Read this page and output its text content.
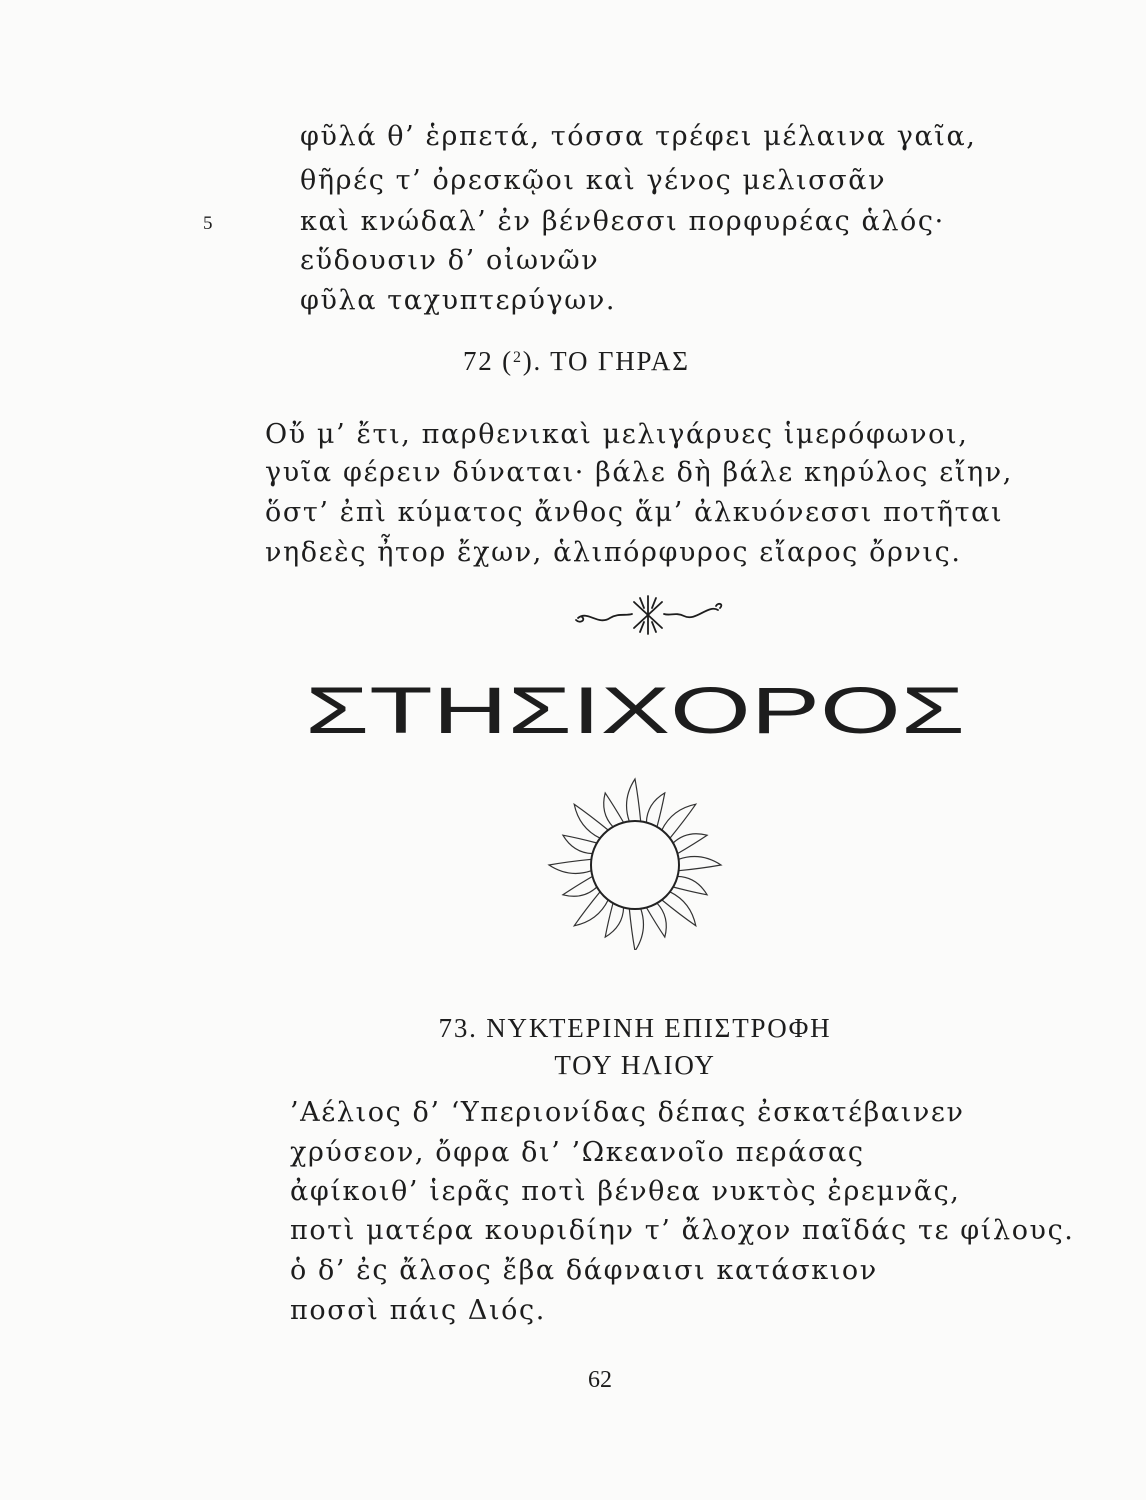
φῦλά θ’ ἑρπετά, τόσσα τρέφει μέλαινα γαῖα,
θῆρές τ’ ὀρεσκῷοι καὶ γένος μελισσᾶν
5	καὶ κνώδαλ’ ἐν βένθεσσι πορφυρέας ἁλός·
εὕδουσιν δ’ οἰωνῶν
φῦλα ταχυπτερύγων.
72 ($^2$). ΤΟ ΓΗΡΑΣ
Οὔ μ’ ἔτι, παρθενικαὶ μελιγάρυες ἱμερόφωνοι,
γυῖα φέρειν δύναται· βάλε δὴ βάλε κηρύλος εἴην,
ὅστ’ ἐπὶ κύματος ἄνθος ἅμ’ ἀλκυόνεσσι ποτῆται
νηδεὲς ἦτορ ἔχων, ἁλιπόρφυρος εἴαρος ὄρνις.
ΣΤΗΣΙΧΟΡΟΣ
73. ΝΥΚΤΕΡΙΝΗ ΕΠΙΣΤΡΟΦΗ
ΤΟΥ ΗΛΙΟΥ
’Αέλιος δ’ ‘Υπεριονίδας δέπας ἐσκατέβαινεν
χρύσεον, ὄφρα δι’ ’Ωκεανοῖο περάσας
ἀφίκοιθ’ ἱερᾶς ποτὶ βένθεα νυκτὸς ἐρεμνᾶς,
ποτὶ ματέρα κουριδίην τ’ ἄλοχον παῖδάς τε φίλους.
ὁ δ’ ἐς ἄλσος ἔβα δάφναισι κατάσκιον
ποσσὶ πάις Διός.
62
